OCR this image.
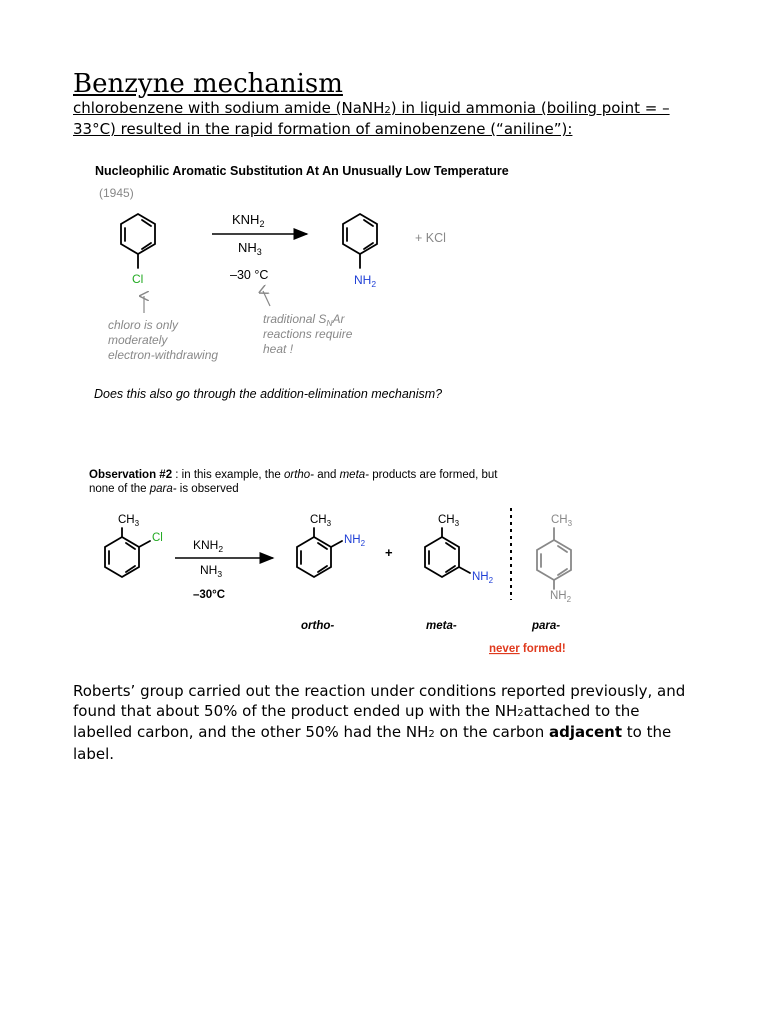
Benzyne mechanism

chlorobenzene with sodium amide (NaNH2) in liquid ammonia (boiling point = –33°C) resulted in the rapid formation of aminobenzene (“aniline”):

Nucleophilic Aromatic Substitution At An Unusually Low Temperature
(1945)
Cl
$KNH_2$
$NH_3$
–30 °C	$NH_2$
+ KCl
chloro is only moderately electron-withdrawing
traditional $S_NAr$ reactions require heat !
Does this also go through the addition-elimination mechanism?
Observation #2 : in this example, the ortho- and meta- products are formed, but
none of the para- is observed
$CH_3$
Cl	$KNH_2$
$NH_3$
–30°C
$CH_3$
$NH_2$
+
$CH_3$
$NH_2$
$CH_3$
$NH_2$
ortho-	meta-	para-
never formed!

Roberts’ group carried out the reaction under conditions reported previously, and found that about 50% of the product ended up with the NH2attached to the labelled carbon, and the other 50% had the NH2 on the carbon adjacent to the label.
